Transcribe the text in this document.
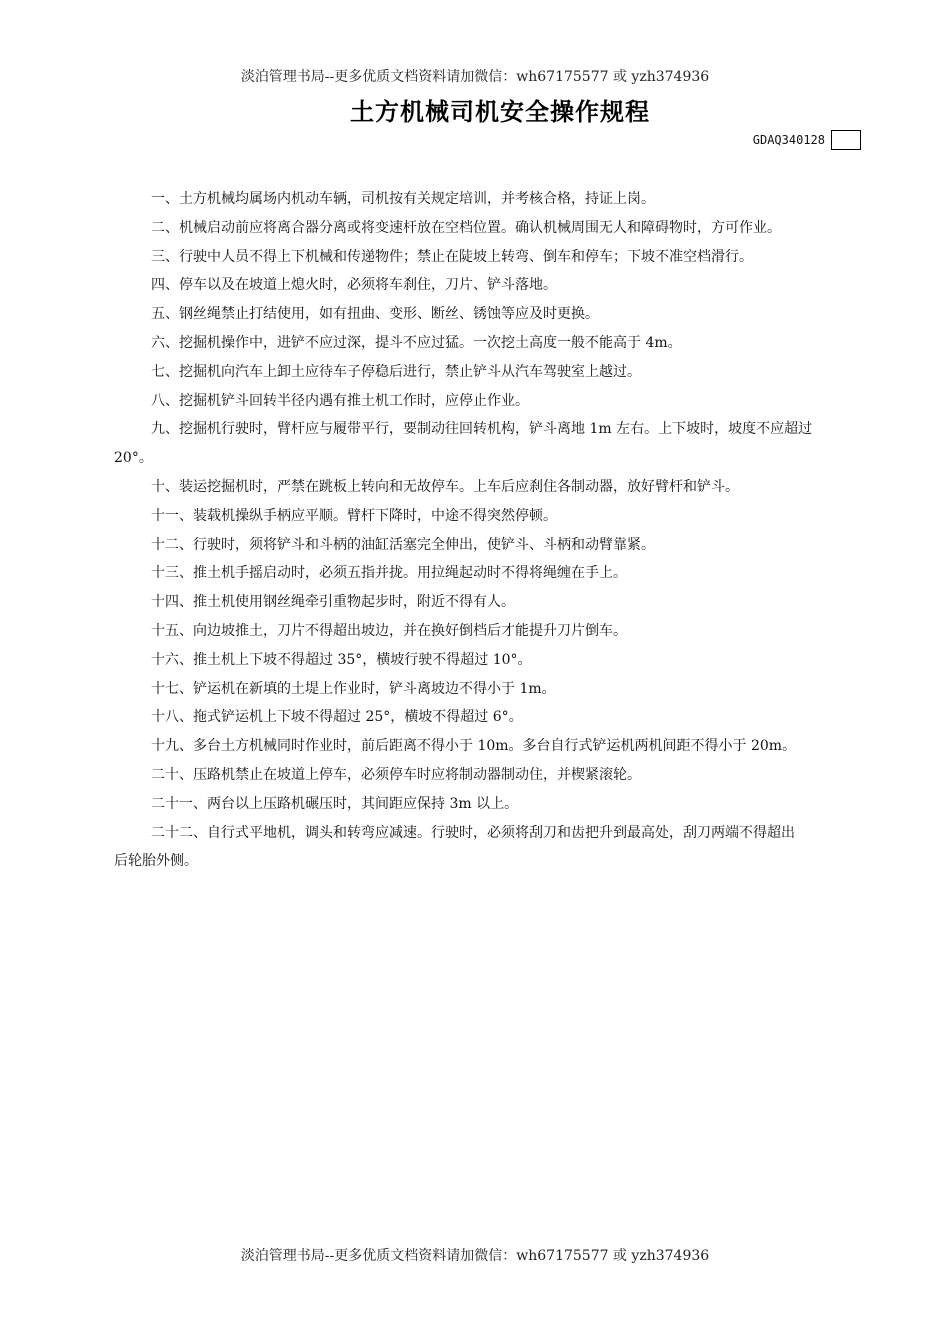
淡泊管理书局--更多优质文档资料请加微信：wh67175577 或 yzh374936
土方机械司机安全操作规程
GDAQ340128

一、土方机械均属场内机动车辆，司机按有关规定培训，并考核合格，持证上岗。

二、机械启动前应将离合器分离或将变速杆放在空档位置。确认机械周围无人和障碍物时，方可作业。

三、行驶中人员不得上下机械和传递物件；禁止在陡坡上转弯、倒车和停车；下坡不准空档滑行。

四、停车以及在坡道上熄火时，必须将车刹住，刀片、铲斗落地。

五、钢丝绳禁止打结使用，如有扭曲、变形、断丝、锈蚀等应及时更换。

六、挖掘机操作中，进铲不应过深，提斗不应过猛。一次挖土高度一般不能高于 4m。

七、挖掘机向汽车上卸土应待车子停稳后进行，禁止铲斗从汽车驾驶室上越过。

八、挖掘机铲斗回转半径内遇有推土机工作时，应停止作业。

九、挖掘机行驶时，臂杆应与履带平行，要制动往回转机构，铲斗离地 1m 左右。上下坡时，坡度不应超过

20°。

十、装运挖掘机时，严禁在跳板上转向和无故停车。上车后应刹住各制动器，放好臂杆和铲斗。

十一、装载机操纵手柄应平顺。臂杆下降时，中途不得突然停顿。

十二、行驶时，须将铲斗和斗柄的油缸活塞完全伸出，使铲斗、斗柄和动臂靠紧。

十三、推土机手摇启动时，必须五指并拢。用拉绳起动时不得将绳缠在手上。

十四、推土机使用钢丝绳牵引重物起步时，附近不得有人。

十五、向边坡推土，刀片不得超出坡边，并在换好倒档后才能提升刀片倒车。

十六、推土机上下坡不得超过 35°，横坡行驶不得超过 10°。

十七、铲运机在新填的土堤上作业时，铲斗离坡边不得小于 1m。

十八、拖式铲运机上下坡不得超过 25°，横坡不得超过 6°。

十九、多台土方机械同时作业时，前后距离不得小于 10m。多台自行式铲运机两机间距不得小于 20m。

二十、压路机禁止在坡道上停车，必须停车时应将制动器制动住，并楔紧滚轮。

二十一、两台以上压路机碾压时，其间距应保持 3m 以上。

二十二、自行式平地机，调头和转弯应减速。行驶时，必须将刮刀和齿把升到最高处，刮刀两端不得超出

后轮胎外侧。

淡泊管理书局--更多优质文档资料请加微信：wh67175577 或 yzh374936
